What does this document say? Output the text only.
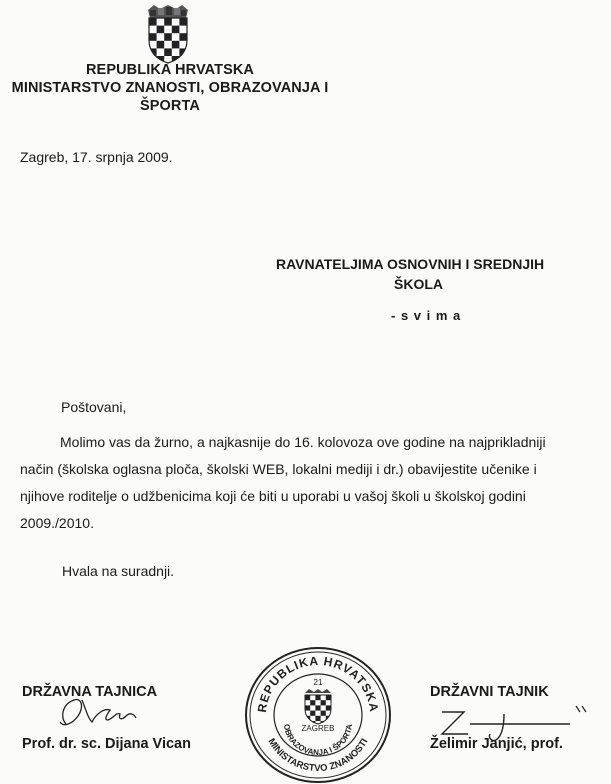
REPUBLIKA HRVATSKA
MINISTARSTVO ZNANOSTI, OBRAZOVANJA I
ŠPORTA
Zagreb, 17. srpnja 2009.
RAVNATELJIMA OSNOVNIH I SREDNJIH
ŠKOLA
- s v i m a
Poštovani,
Molimo vas da žurno, a najkasnije do 16. kolovoza ove godine na najprikladniji
način (školska oglasna ploča, školski WEB, lokalni mediji i dr.) obavijestite učenike i
njihove roditelje o udžbenicima koji će biti u uporabi u vašoj školi u školskoj godini
2009./2010.
Hvala na suradnji.
DRŽAVNA TAJNICA
Prof. dr. sc. Dijana Vican
REPUBLIKA HRVATSKA
MINISTARSTVO ZNANOSTI
OBRAZOVANJA I ŠPORTA
21
ZAGREB
DRŽAVNI TAJNIK
Želimir Janjić, prof.
